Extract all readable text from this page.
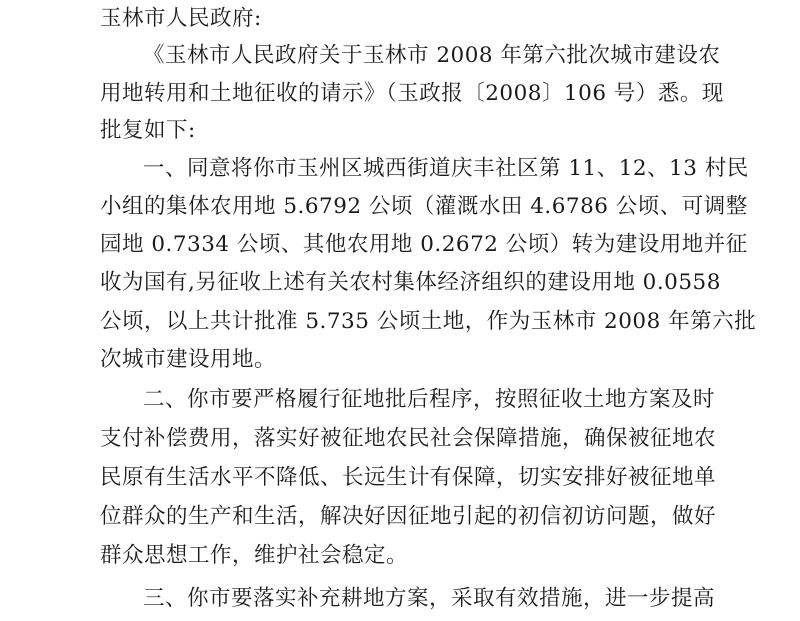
玉林市人民政府:
《玉林市人民政府关于玉林市 2008 年第六批次城市建设农
用地转用和土地征收的请示》（玉政报〔2008〕106 号）悉。现
批复如下:
一、同意将你市玉州区城西街道庆丰社区第 11、12、13 村民
小组的集体农用地 5.6792 公顷（灌溉水田 4.6786 公顷、可调整
园地 0.7334 公顷、其他农用地 0.2672 公顷）转为建设用地并征
收为国有,另征收上述有关农村集体经济组织的建设用地 0.0558
公顷，以上共计批准 5.735 公顷土地，作为玉林市 2008 年第六批
次城市建设用地。
二、你市要严格履行征地批后程序，按照征收土地方案及时
支付补偿费用，落实好被征地农民社会保障措施，确保被征地农
民原有生活水平不降低、长远生计有保障，切实安排好被征地单
位群众的生产和生活，解决好因征地引起的初信初访问题，做好
群众思想工作，维护社会稳定。
三、你市要落实补充耕地方案，采取有效措施，进一步提高
